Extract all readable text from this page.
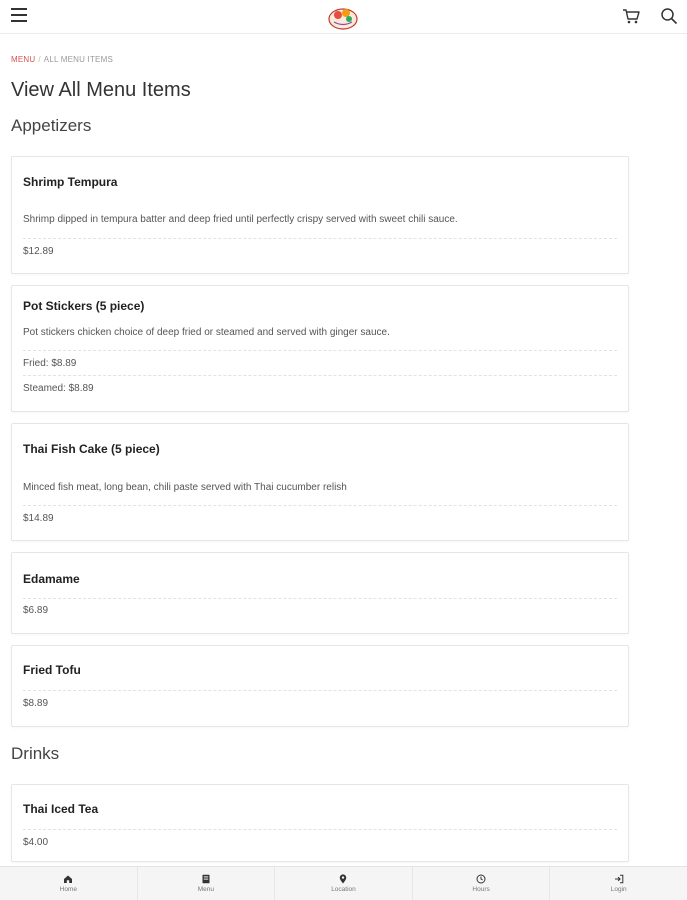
MENU / ALL MENU ITEMS
View All Menu Items
Appetizers
Shrimp Tempura
Shrimp dipped in tempura batter and deep fried until perfectly crispy served with sweet chili sauce.
$12.89
Pot Stickers (5 piece)
Pot stickers chicken choice of deep fried or steamed and served with ginger sauce.
Fried: $8.89
Steamed: $8.89
Thai Fish Cake (5 piece)
Minced fish meat, long bean, chili paste served with Thai cucumber relish
$14.89
Edamame
$6.89
Fried Tofu
$8.89
Drinks
Thai Iced Tea
$4.00
Home	Menu	Location	Hours	Login
